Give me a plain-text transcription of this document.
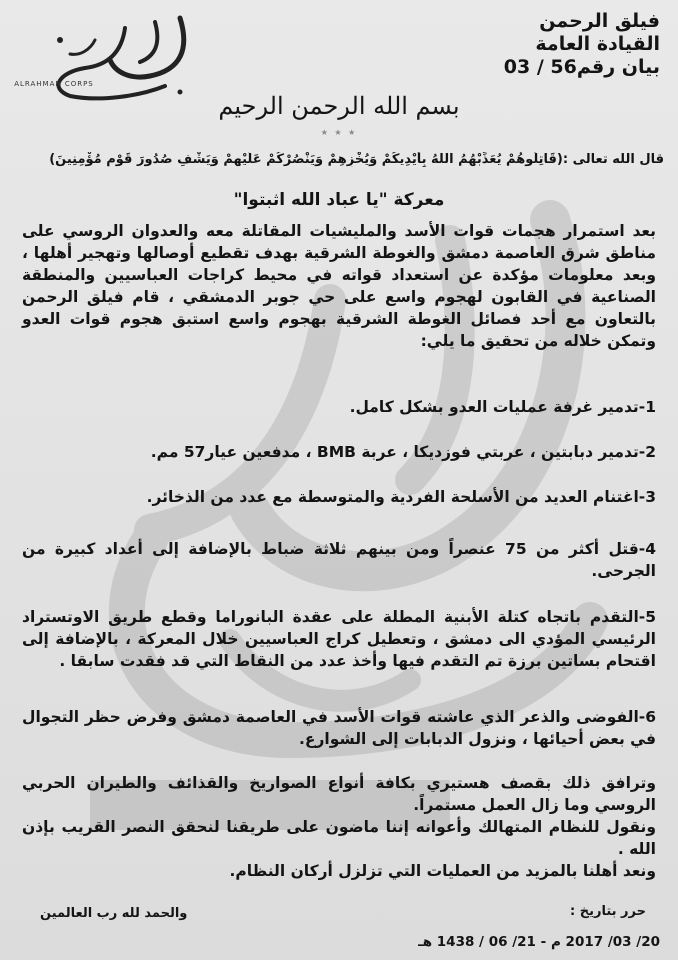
ALRAHMAN CORPS
فيلق الرحمن
القيادة العامة
بيان رقم56 / 03
بسم الله الرحمن الرحيم
★ ★ ★
قال الله تعالى :(قَاتِلُوهُمْ يُعَذِّبْهُمُ اللَّهُ بِأَيْدِيكُمْ وَيُخْزِهِمْ وَيَنْصُرْكُمْ عَلَيْهِمْ وَيَشْفِ صُدُورَ قَوْمٍ مُؤْمِنِينَ)
معركة "يا عباد الله اثبتوا"

بعد استمرار هجمات قوات الأسد والمليشيات المقاتلة معه والعدوان الروسي على مناطق شرق العاصمة دمشق والغوطة الشرقية بهدف تقطيع أوصالها وتهجير أهلها ، وبعد معلومات مؤكدة عن استعداد قواته في محيط كراجات العباسيين والمنطقة الصناعية في القابون لهجوم واسع على حي جوبر الدمشقي ، قام فيلق الرحمن بالتعاون مع أحد فصائل الغوطة الشرقية بهجوم واسع استبق هجوم قوات العدو وتمكن خلاله من تحقيق ما يلي:

1-تدمير غرفة عمليات العدو بشكل كامل.

2-تدمير دبابتين ، عربتي فوزديكا ، عربة BMB ، مدفعين عيار57 مم.

3-اغتنام العديد من الأسلحة الفردية والمتوسطة مع عدد من الذخائر.

4-قتل أكثر من 75 عنصراً ومن بينهم ثلاثة ضباط بالإضافة إلى أعداد كبيرة من الجرحى.

5-التقدم باتجاه كتلة الأبنية المطلة على عقدة البانوراما وقطع طريق الاوتستراد الرئيسي المؤدي الى دمشق ، وتعطيل كراج العباسيين خلال المعركة ، بالإضافة إلى اقتحام بساتين برزة تم التقدم فيها وأخذ عدد من النقاط التي قد فقدت سابقا .

6-الفوضى والذعر الذي عاشته قوات الأسد في العاصمة دمشق وفرض حظر التجوال في بعض أحيائها ، ونزول الدبابات إلى الشوارع.

وترافق ذلك بقصف هستيري بكافة أنواع الصواريخ والقذائف والطيران الحربي الروسي وما زال العمل مستمراً.

ونقول للنظام المتهالك وأعوانه إننا ماضون على طريقنا لنحقق النصر القريب بإذن الله .

ونعد أهلنا بالمزيد من العمليات التي تزلزل أركان النظام.

والحمد لله رب العالمين	حرر بتاريخ :
20/ 03/ 2017 م - 21/ 06 / 1438 هـ
